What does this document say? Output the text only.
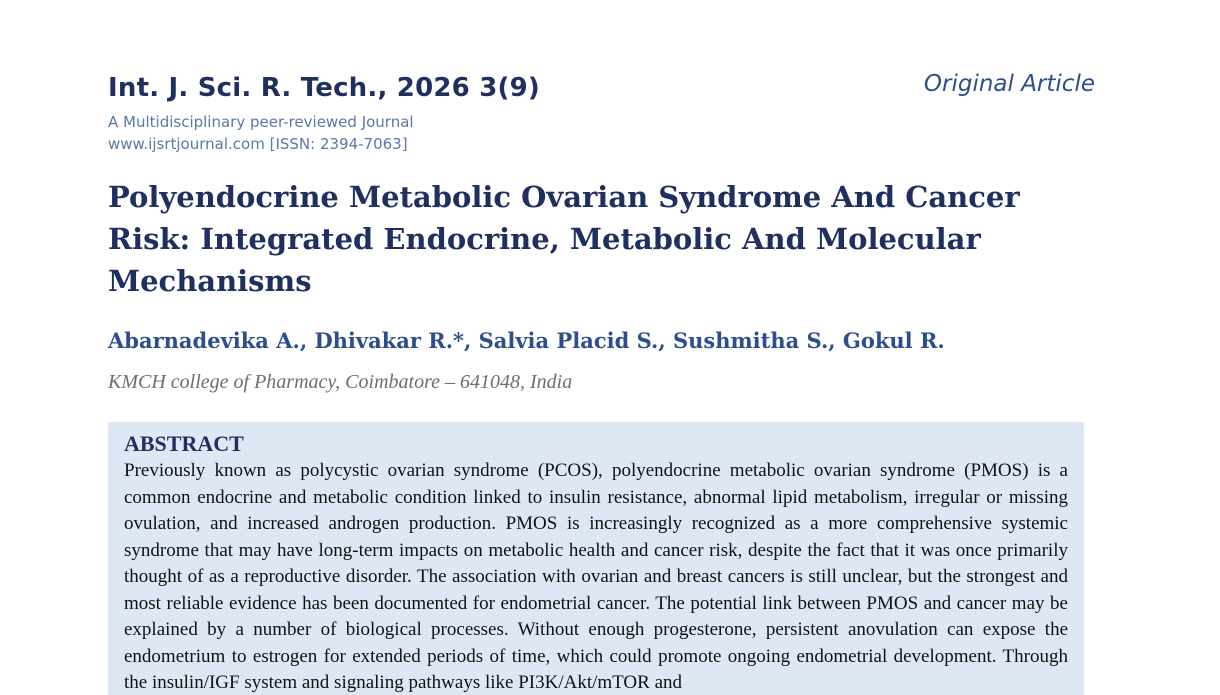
Int. J. Sci. R. Tech., 2026 3(9)	Original Article
A Multidisciplinary peer-reviewed Journal
www.ijsrtjournal.com [ISSN: 2394-7063]
Polyendocrine Metabolic Ovarian Syndrome And Cancer Risk: Integrated Endocrine, Metabolic And Molecular Mechanisms
Abarnadevika A., Dhivakar R.*, Salvia Placid S., Sushmitha S., Gokul R.
KMCH college of Pharmacy, Coimbatore – 641048, India
ABSTRACT

Previously known as polycystic ovarian syndrome (PCOS), polyendocrine metabolic ovarian syndrome (PMOS) is a common endocrine and metabolic condition linked to insulin resistance, abnormal lipid metabolism, irregular or missing ovulation, and increased androgen production. PMOS is increasingly recognized as a more comprehensive systemic syndrome that may have long-term impacts on metabolic health and cancer risk, despite the fact that it was once primarily thought of as a reproductive disorder. The association with ovarian and breast cancers is still unclear, but the strongest and most reliable evidence has been documented for endometrial cancer. The potential link between PMOS and cancer may be explained by a number of biological processes. Without enough progesterone, persistent anovulation can expose the endometrium to estrogen for extended periods of time, which could promote ongoing endometrial development. Through the insulin/IGF system and signaling pathways like PI3K/Akt/mTOR and
